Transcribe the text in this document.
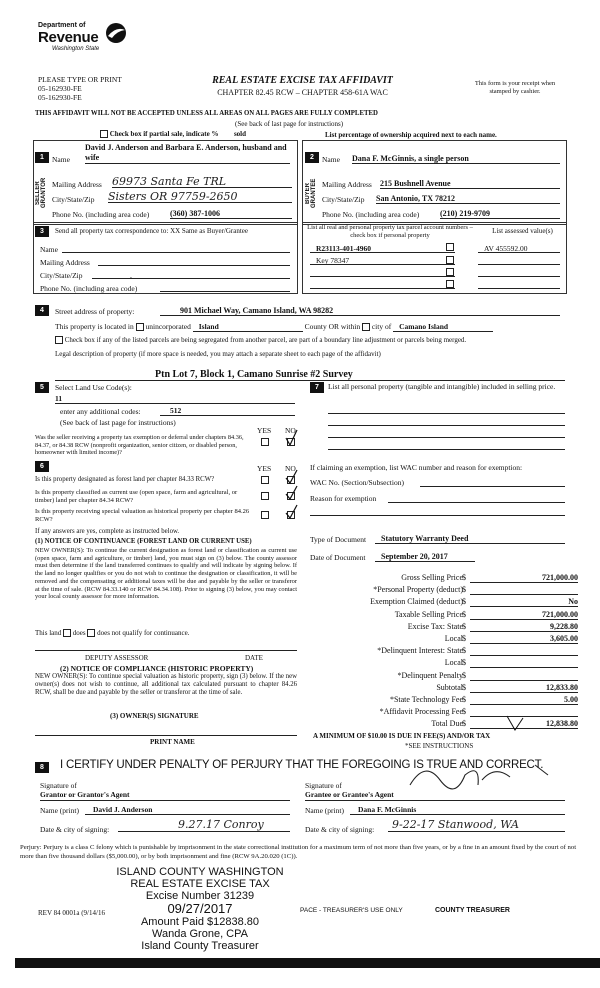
Department of
Revenue
Washington State
PLEASE TYPE OR PRINT
05-162930-FE
05-162930-FE
REAL ESTATE EXCISE TAX AFFIDAVIT
CHAPTER 82.45 RCW – CHAPTER 458-61A WAC
This form is your receipt when stamped by cashier.
THIS AFFIDAVIT WILL NOT BE ACCEPTED UNLESS ALL AREAS ON ALL PAGES ARE FULLY COMPLETED
(See back of last page for instructions)
Check box if partial sale, indicate % sold	List percentage of ownership acquired next to each name.
1	2
SELLER GRANTOR	BUYER GRANTEE
Name
David J. Anderson and Barbara E. Anderson, husband and wife
Mailing Address 69973 Santa Fe TRL
City/State/Zip Sisters OR 97759-2650
Phone No. (including area code)	(360) 387-1006
Name Dana F. McGinnis, a single person
Mailing Address 215 Bushnell Avenue
City/State/Zip San Antonio, TX 78212
Phone No. (including area code)	(210) 219-9709
3	Send all property tax correspondence to: XX Same as Buyer/Grantee
Name
Mailing Address
City/State/Zip	,
Phone No. (including area code)
List all real and personal property tax parcel account numbers – check box if personal property	List assessed value(s)
R23113-401-4960	AV 455592.00
Key 78347
4	Street address of property:	901 Michael Way, Camano Island, WA 98282
This property is located in unincorporated Island	County OR within city of Camano Island
Check box if any of the listed parcels are being segregated from another parcel, are part of a boundary line adjustment or parcels being merged.
Legal description of property (if more space is needed, you may attach a separate sheet to each page of the affidavit)
Ptn Lot 7, Block 1, Camano Sunrise #2 Survey
5	Select Land Use Code(s):
11
enter any additional codes:	512
(See back of last page for instructions)
YES NO
Was the seller receiving a property tax exemption or deferral under chapters 84.36, 84.37, or 84.38 RCW (nonprofit organization, senior citizen, or disabled person, homeowner with limited income)?
6	YES NO
Is this property designated as forest land per chapter 84.33 RCW?
Is this property classified as current use (open space, farm and agricultural, or timber) land per chapter 84.34 RCW?
Is this property receiving special valuation as historical property per chapter 84.26 RCW?
If any answers are yes, complete as instructed below.
(1) NOTICE OF CONTINUANCE (FOREST LAND OR CURRENT USE)
NEW OWNER(S): To continue the current designation as forest land or classification as current use (open space, farm and agriculture, or timber) land, you must sign on (3) below. The county assessor must then determine if the land transferred continues to qualify and will indicate by signing below. If the land no longer qualifies or you do not wish to continue the designation or classification, it will be removed and the compensating or additional taxes will be due and payable by the seller or transferor at the time of sale. (RCW 84.33.140 or RCW 84.34.108). Prior to signing (3) below, you may contact your local county assessor for more information.
This land does does not qualify for continuance.
DEPUTY ASSESSOR	DATE
(2) NOTICE OF COMPLIANCE (HISTORIC PROPERTY)
NEW OWNER(S): To continue special valuation as historic property, sign (3) below. If the new owner(s) does not wish to continue, all additional tax calculated pursuant to chapter 84.26 RCW, shall be due and payable by the seller or transferor at the time of sale.
(3) OWNER(S) SIGNATURE
PRINT NAME
7	List all personal property (tangible and intangible) included in selling price.
If claiming an exemption, list WAC number and reason for exemption:
WAC No. (Section/Subsection)
Reason for exemption
Type of Document	Statutory Warranty Deed
Date of Document	September 20, 2017
Gross Selling Price $	721,000.00
*Personal Property (deduct) $
Exemption Claimed (deduct) $	No
Taxable Selling Price $	721,000.00
Excise Tax: State $	9,228.80
Local $	3,605.00
*Delinquent Interest: State $
Local $
*Delinquent Penalty $
Subtotal $	12,833.80
*State Technology Fee $	5.00
*Affidavit Processing Fee $
Total Due $	12,838.80
A MINIMUM OF $10.00 IS DUE IN FEE(S) AND/OR TAX
*SEE INSTRUCTIONS
8	I CERTIFY UNDER PENALTY OF PERJURY THAT THE FOREGOING IS TRUE AND CORRECT.
Signature of
Grantor or Grantor's Agent
Signature of
Grantee or Grantee's Agent
Name (print)	David J. Anderson	Name (print)	Dana F. McGinnis
Date & city of signing:	9.27.17 Conroy	Date & city of signing:	9-22-17 Stanwood, WA
Perjury: Perjury is a class C felony which is punishable by imprisonment in the state correctional institution for a maximum term of not more than five years, or by a fine in an amount fixed by the court of not more than five thousand dollars ($5,000.00), or by both imprisonment and fine (RCW 9A.20.020 (1C)).
ISLAND COUNTY WASHINGTON
REAL ESTATE EXCISE TAX
Excise Number 31239
09/27/2017
Amount Paid $12838.80
Wanda Grone, CPA
Island County Treasurer
REV 84 0001a (9/14/16	PACE - TREASURER'S USE ONLY	COUNTY TREASURER
